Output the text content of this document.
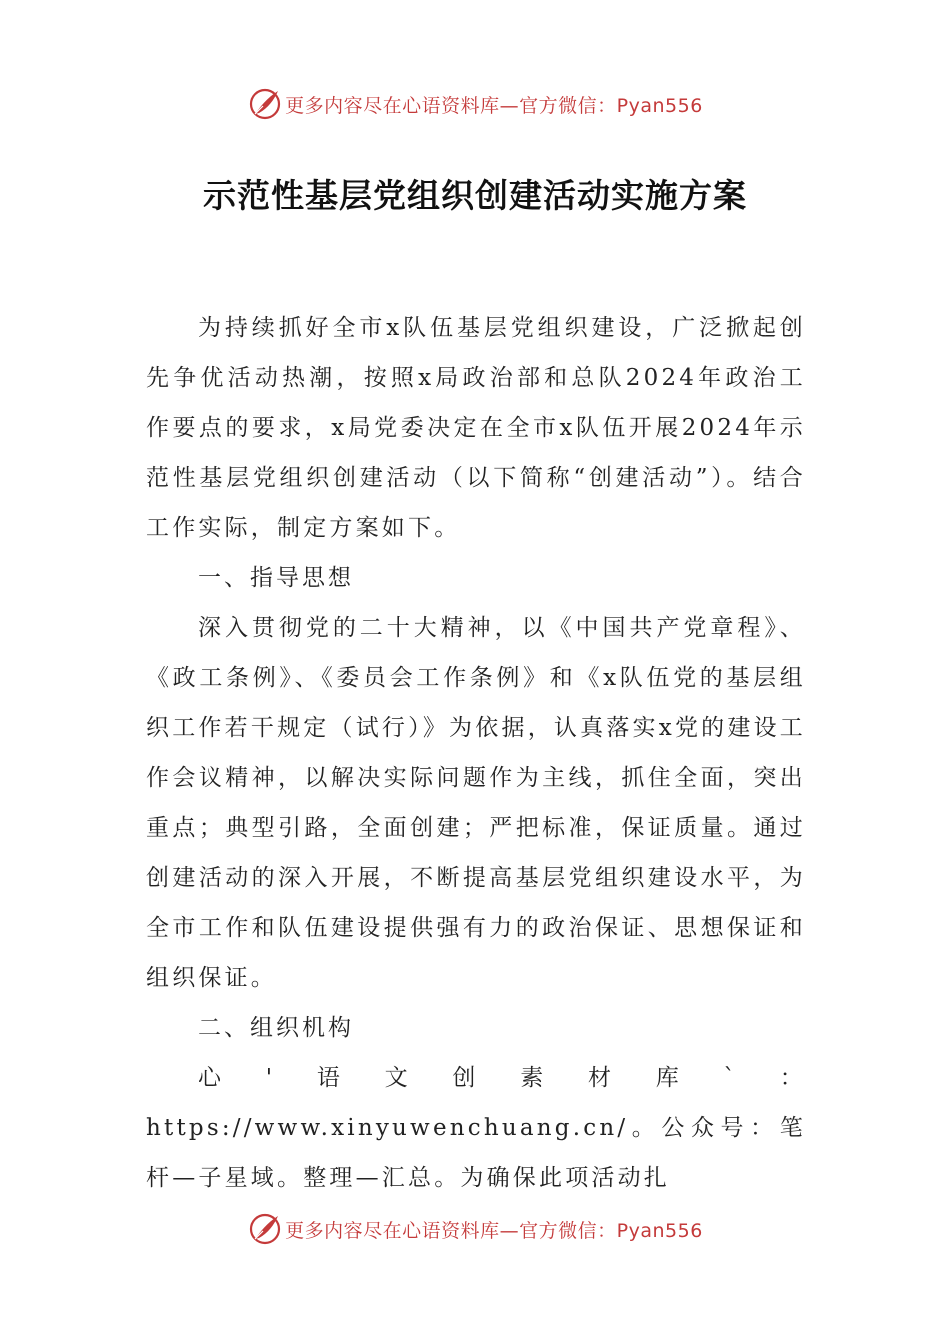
更多内容尽在心语资料库—官方微信：Pyan556
示范性基层党组织创建活动实施方案

为持续抓好全市x队伍基层党组织建设，广泛掀起创先争优活动热潮，按照x局政治部和总队2024年政治工作要点的要求，x局党委决定在全市x队伍开展2024年示范性基层党组织创建活动（以下简称“创建活动”）。结合工作实际，制定方案如下。

一、指导思想

深入贯彻党的二十大精神，以《中国共产党章程》、《政工条例》、《委员会工作条例》和《x队伍党的基层组织工作若干规定（试行）》为依据，认真落实x党的建设工作会议精神，以解决实际问题作为主线，抓住全面，突出重点；典型引路，全面创建；严把标准，保证质量。通过创建活动的深入开展，不断提高基层党组织建设水平，为全市工作和队伍建设提供强有力的政治保证、思想保证和组织保证。

二、组织机构

心'语文创素材库`：https://www.xinyuwenchuang.cn/。公众号：笔杆—子星域。整理—汇总。为确保此项活动扎

更多内容尽在心语资料库—官方微信：Pyan556
